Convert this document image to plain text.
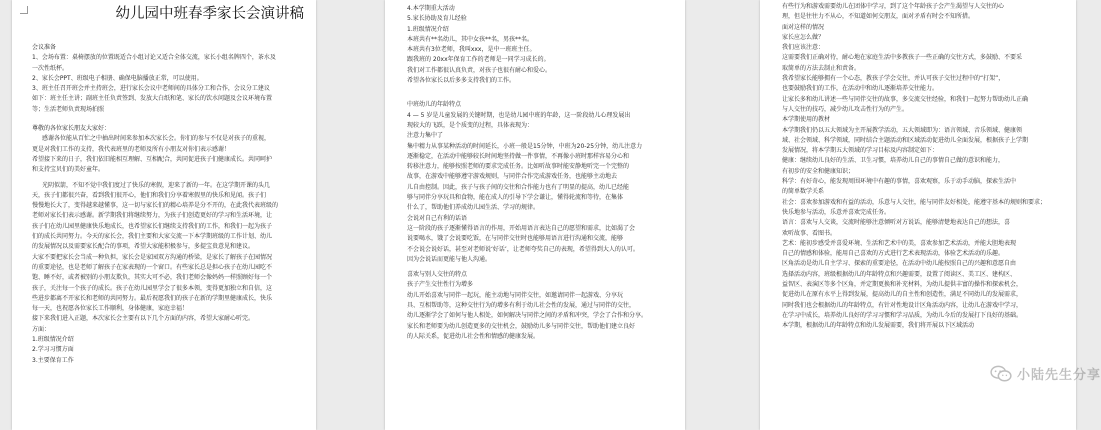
幼儿园中班春季家长会演讲稿

会议准备

1、会场布置：桌椅摆放的位置既适合小组讨论又适合全体交流，家长小组名牌四个，茶水及

一次性纸杯。

2、家长会PPT、班级电子相册、确保电脑播放正常，可以使用。

3、班主任召开班会并主持班会，进行家长会议中老师间的具体分工和合作，会议分工建议

如下：班主任主讲；副班主任负责签到、发放大白纸和笔、家长的饮水问题及会议环境布置

等；生活老师负责现场拍照

尊敬的各位家长朋友大家好：

感谢各位能从百忙之中抽出时间来参加本次家长会。你们的参与不仅是对孩子的重视，

更是对我们工作的支持，我代表班里的老师及所有小朋友对你们表示感谢！

希望接下来的日子，我们依旧能相互理解、互相配合，共同促进孩子们健康成长。共同呵护

和支持宝贝们的美好童年。

光阴似箭，不知不觉中我们度过了快乐的寒假，迎来了新的一年。在这学期开课的头几

天，孩子们都很兴奋，看到我们很开心，他们和我们分享着寒假里的快乐和见闻。孩子们

慢慢地长大了，变得越来越懂事，这一切与家长们的精心培养是分不开的，在此我代表班级的

老师对家长们表示感谢。新学期我们将继续努力，为孩子们创造更好的学习和生活环境，让

孩子们在幼儿园里健康快乐地成长，也希望家长们继续支持我们的工作，和我们一起为孩子

们的成长共同努力。今天的家长会，我们主要和大家交流一下本学期班级的工作计划、幼儿

的发展情况以及需要家长配合的事项，希望大家能积极参与，多提宝贵意见和建议。

大家不要把家长会当成一种负担，家长会是家园双方沟通的桥梁，是家长了解孩子在园情况

的重要途径，也是老师了解孩子在家表现的一个窗口。有些家长总是担心孩子在幼儿园吃不

饱、睡不好，或者被别的小朋友欺负，其实大可不必，我们老师会像妈妈一样照顾好每一个

孩子，关注每一个孩子的成长。孩子在幼儿园里学会了很多本领，变得更加独立和自信，这

些进步都离不开家长和老师的共同努力。最后祝愿我们的孩子在新的学期里健康成长，快乐

每一天，也祝愿各位家长工作顺利，身体健康，家庭幸福！

接下来我们进入正题，本次家长会主要有以下几个方面的内容，希望大家耐心听完。

方面：

1.班级情况介绍

2.学习习惯方面

3.主要保育工作

4.本学期重大活动

5.家长协助及育儿经验

1.班级情况介绍

本班共有**名幼儿，其中女孩**名，男孩**名。

本班共有3位老师，我叫xxx，是中一班班主任。

跟我班的 20xx年保育工作的老师是一同学习成长的。

我们对工作都很认真负责，对孩子也很有耐心和爱心。

希望各位家长以后多多支持我们的工作。

中班幼儿的年龄特点

4 — 5 岁是儿童发展的关键时期，也是幼儿园中班的年龄，这一阶段幼儿心理发展出

现较大的飞跃，是个质变的过程，具体表现为：

注意力集中了

集中精力从事某种活动的时间延长，小班一般是15分钟，中班为20-25分钟，幼儿注意力

逐渐稳定，在活动中能够较长时间地坚持做一件事情，不再像小班时那样容易分心和

转移注意力，能够按照老师的要求完成任务。比如听故事时能安静地听完一个完整的

故事，在游戏中能够遵守游戏规则，与同伴合作完成游戏任务，也能够主动地去

儿自由控制。因此，孩子与孩子间的交往和合作能力也有了明显的提高，幼儿已经能

够与同伴分享玩具和食物，能在成人的引导下学会谦让，懂得轮流和等待，在集体

什么了，帮助他们养成幼儿园生活、学习的规律。

会说对自己有利的话语

这一阶段的孩子逐渐懂得语言的作用，开始用语言表达自己的愿望和需求，比如渴了会

说要喝水，饿了会说要吃饭，在与同伴交往时也能够用语言进行沟通和交流，能够

不会说会说好话，甚至对老师说‘好话’，让老师夸奖自己的表现，希望得到大人的认可。

因为会说话而更能与他人沟通。

喜欢与别人交往的特点

孩子产生交往性行为增多

幼儿开始喜欢与同伴一起玩，能主动地与同伴交往，如邀请同伴一起游戏、分享玩

具、互相帮助等，这种交往行为的增多有利于幼儿社会性的发展，通过与同伴的交往，

幼儿逐渐学会了如何与他人相处，如何解决与同伴之间的矛盾和冲突，学会了合作和分享。

家长和老师要为幼儿创造更多的交往机会，鼓励幼儿多与同伴交往，帮助他们建立良好

的人际关系，促进幼儿社会性和情感的健康发展。

有些行为和游戏需要幼儿在团体中学习，到了这个年龄孩子会产生渴望与人交往的心

理，但是往往力不从心，不知道如何交朋友，面对矛盾有时会不知所措。

面对这样的情况

家长应怎么做？

我们应该注意：

这需要我们正确对待，耐心地在家庭生活中多教孩子一些正确的交往方式，多鼓励、不要采

取简单的方法去制止和责备。

我希望家长能够拥有一个心态，教孩子学会交往，并认可孩子交往过程中的“打架”，

也要鼓励我们的工作，在活动中和幼儿逐渐培养交往能力。

让家长多和幼儿讲述一些与同伴交往的故事，多交流交往经验，和我们一起努力帮助幼儿正确

与人交往的技巧，减少幼儿攻击性行为的产生。

本学期使用的教材

本学期我们仍以五大领域为主开展教学活动，五大领域即为：语言领域、音乐领域、健康领

域、社会领域、科学领域，同时结合主题活动和区域活动促进幼儿全面发展，根据孩子上学期

发展情况，将本学期五大领域的学习目标及内容制定如下：

健康：继续幼儿良好的生活、卫生习惯，培养幼儿自己的事情自己做的意识和能力，

有初步的安全和健康知识；

科学：有好奇心，能发现周围环境中有趣的事情，喜欢观察，乐于动手动脑，探索生活中

的简单数学关系

社会：喜欢参加游戏和有益的活动，乐意与人交往，能与同伴友好相处，能遵守基本的规则和要求；

快乐地参与活动，乐意并喜欢完成任务。

语言：喜欢与人交谈，交流时能够注意倾听对方说话，能够清楚地表达自己的想法，喜

欢听故事、看图书。

艺术：能初步感受并喜爱环境、生活和艺术中的美，喜欢参加艺术活动，并能大胆地表现

自己的情感和体验，能用自己喜欢的方式进行艺术表现活动，体验艺术活动的乐趣。

区角活动是幼儿自主学习、探索的重要途径，在活动中幼儿能按照自己的兴趣和意愿自由

选择活动内容，班级根据幼儿的年龄特点和兴趣需要，设置了阅读区、美工区、建构区、

益智区、表演区等多个区角，并定期更换和补充材料，为幼儿提供丰富的操作和探索机会，

促进幼儿在原有水平上得到发展，提高幼儿的自主性和创造性，满足不同幼儿的发展需求，

同时我们也会根据幼儿的年龄特点，有针对性地设计区角活动内容，让幼儿在游戏中学习，

在学习中成长，培养幼儿良好的学习习惯和学习品质，为幼儿今后的发展打下良好的基础。

本学期，根据幼儿的年龄特点和幼儿发展需要，我们将开展以下区域活动

小陆先生分享
